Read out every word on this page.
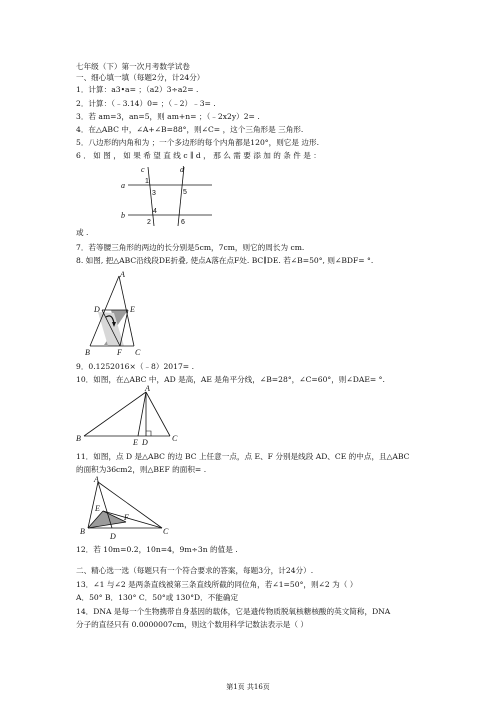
七年级（下）第一次月考数学试卷
一、细心填一填（每题2分，计24分）
1．计算：a3•a= ；（a2）3÷a2= .
2．计算：（﹣3.14）0= ；（﹣2）﹣3= .
3．若 am=3，an=5，则 am+n= ；（﹣2x2y）2= .
4．在△ABC 中，∠A+∠B=88°，则∠C= ，这个三角形是 三角形.
5．八边形的内角和为 ；一个多边形的每个内角都是120°，则它是 边形.
6 ． 如 图 ， 如 果 希 望 直 线 c ∥ d ， 那 么 需 要 添 加 的 条 件 是 ：
c	d
a
b
1
3	5
4
2	6
或 .
7．若等腰三角形的两边的长分别是5cm，7cm，则它的周长为 cm.
8. 如图, 把△ABC沿线段DE折叠, 使点A落在点F处. BC∥DE. 若∠B=50°, 则∠BDF= °.
A
B	C
D	E
F
9．0.1252016×（﹣8）2017= .
10．如图，在△ABC 中，AD 是高，AE 是角平分线，∠B=28°，∠C=60°，则∠DAE= °.
A
B	C
D
E
11．如图，点 D 是△ABC 的边 BC 上任意一点，点 E、F 分别是线段 AD、CE 的中点，且△ABC
的面积为36cm2，则△BEF 的面积= .
A
B	C
D
E
F
12．若 10m=0.2，10n=4，9m÷3n 的值是 .
二、精心选一选（每题只有一个符合要求的答案，每题3分，计24分）.
13．∠1 与∠2 是两条直线被第三条直线所截的同位角，若∠1=50°，则∠2 为（ ）
A．50° B．130° C．50°或 130°D．不能确定
14．DNA 是每一个生物携带自身基因的载体，它是遗传物质脱氧核糖核酸的英文简称，DNA
分子的直径只有 0.0000007cm，则这个数用科学记数法表示是（ ）
第1页 共16页
